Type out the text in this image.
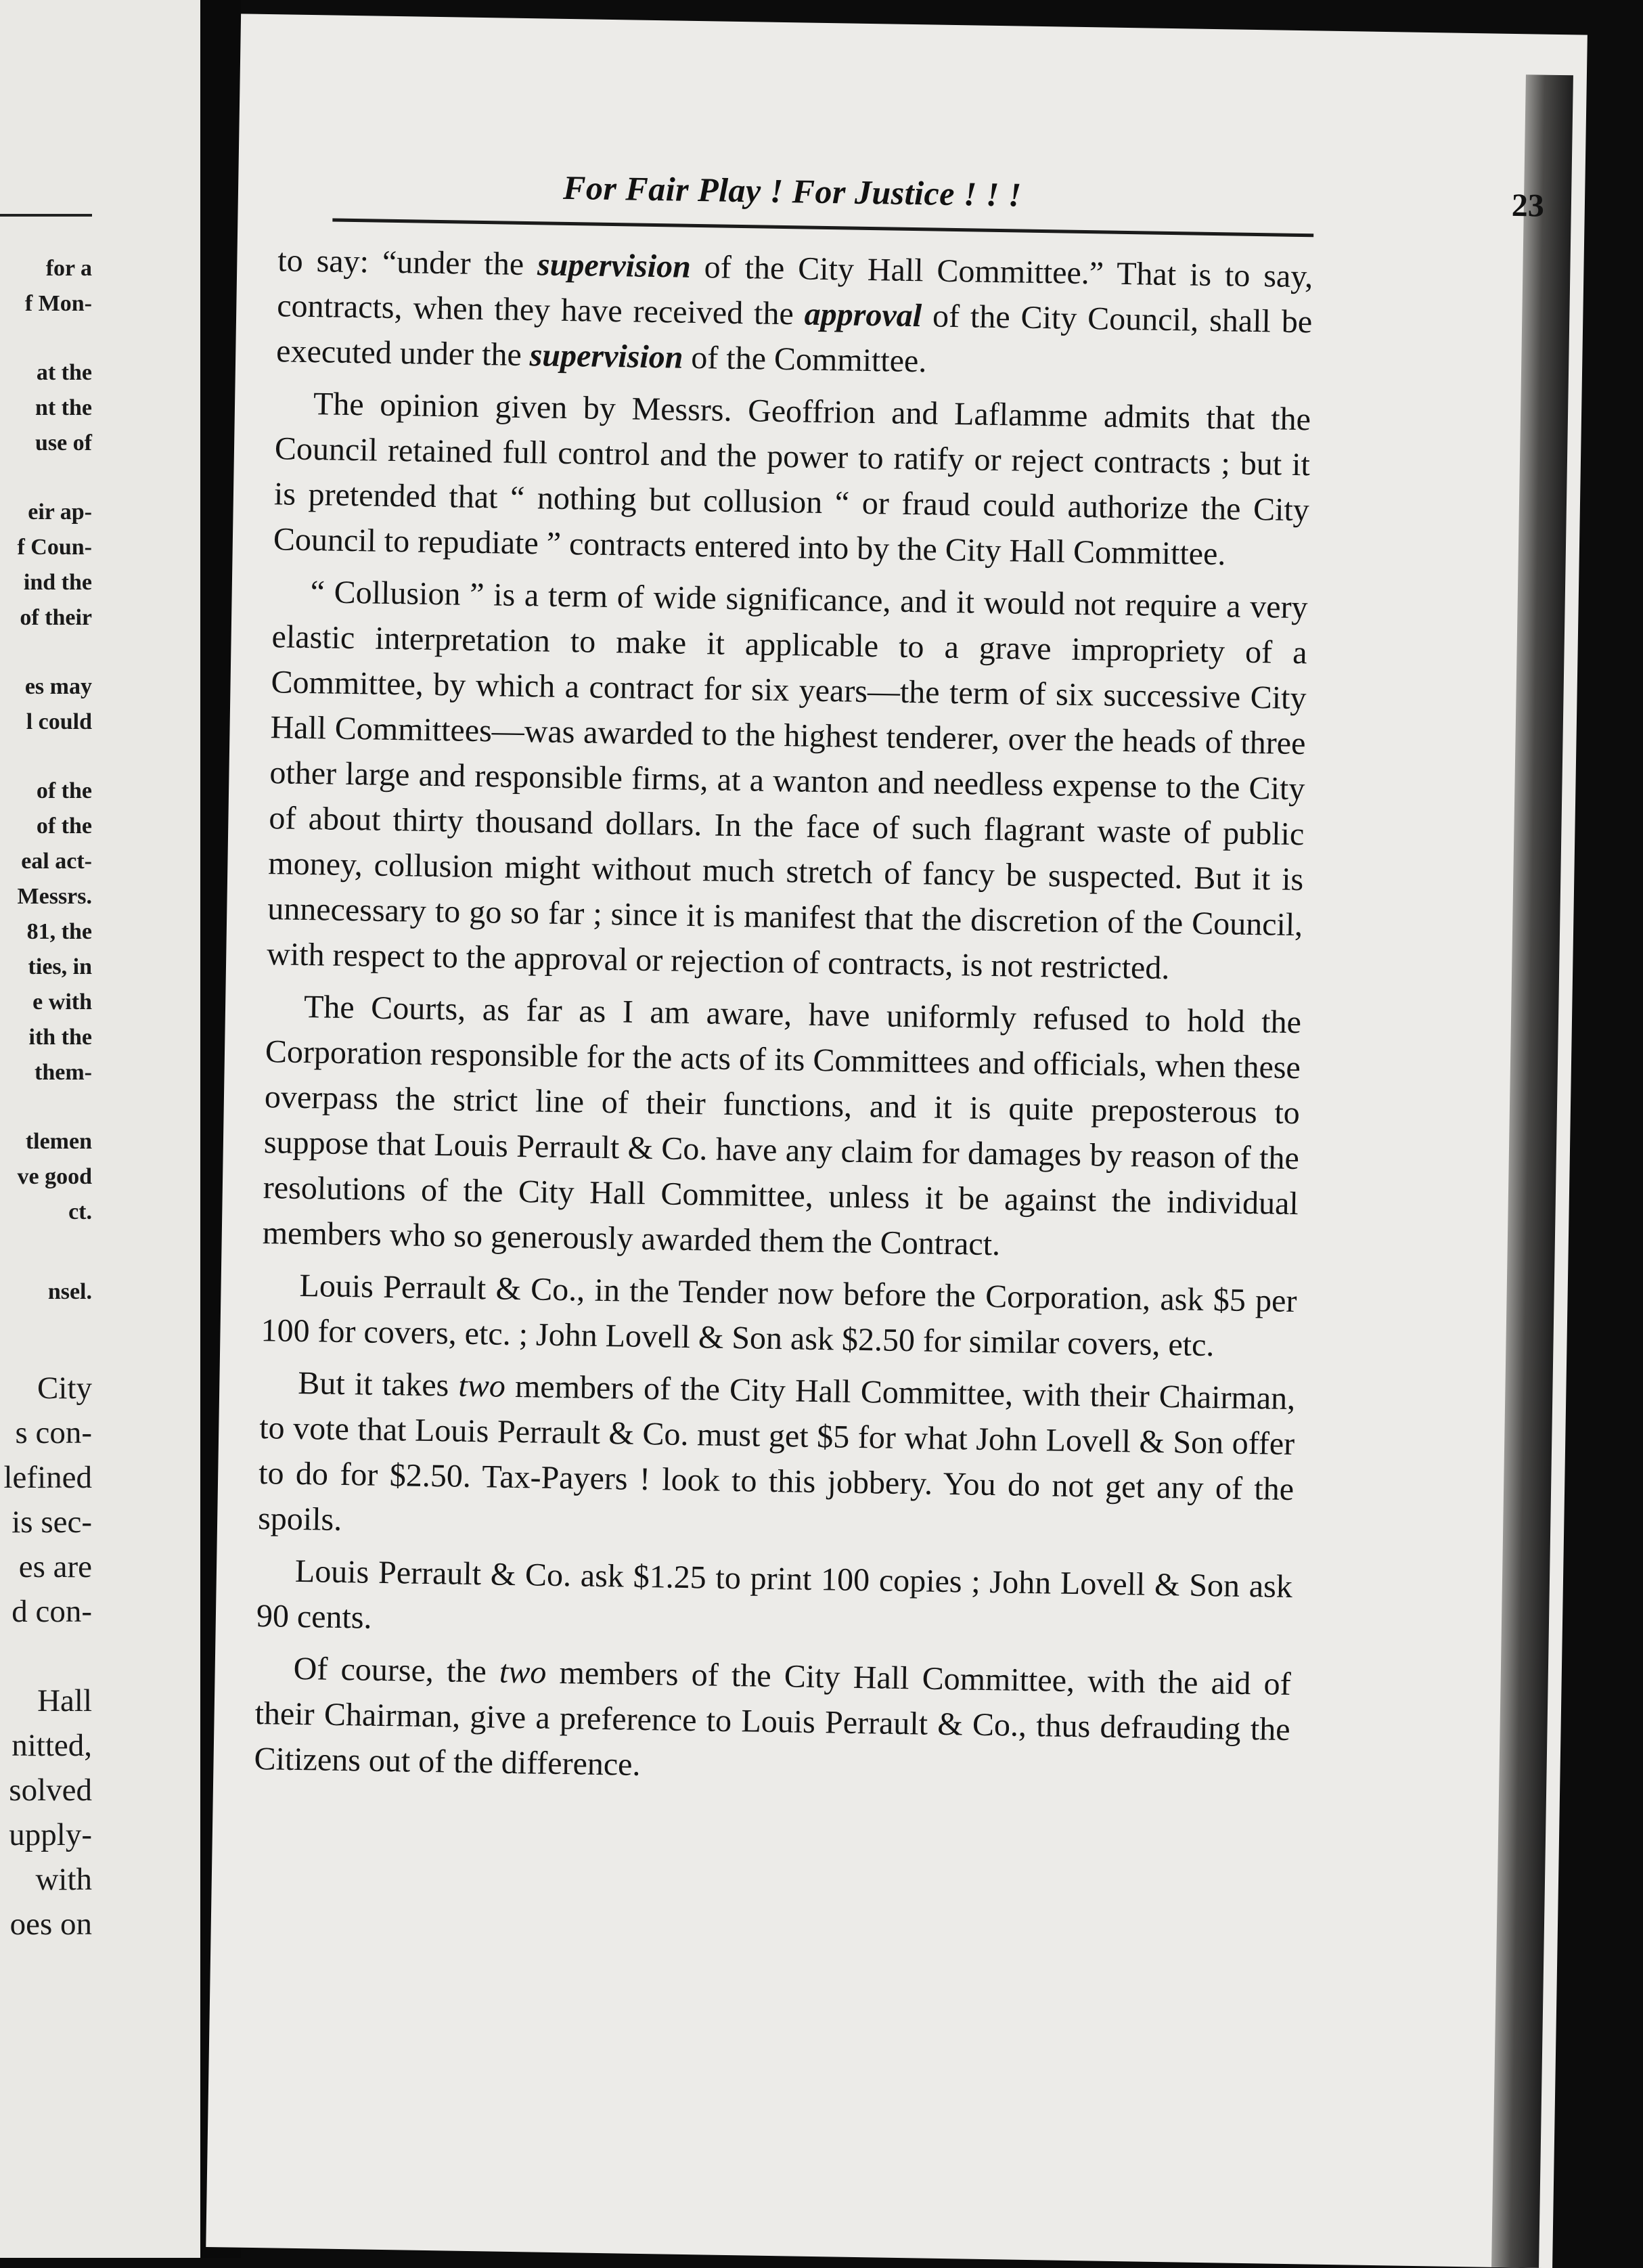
for a
f Mon-
at the
nt the
use of
eir ap-
f Coun-
ind the
of their
es may
l could
of the
of the
eal act-
Messrs.
81, the
ties, in
e with
ith the
them-
tlemen
ve good
ct.
nsel.
City
s con-
lefined
is sec-
es are
d con-
Hall
nitted,
solved
upply-
with
oes on
For Fair Play ! For Justice ! ! !	23

to say: “under the supervision of the City Hall Committee.” That is to say, contracts, when they have received the approval of the City Council, shall be executed under the supervision of the Committee.

The opinion given by Messrs. Geoffrion and Laflamme admits that the Council retained full control and the power to ratify or reject contracts ; but it is pretended that “ nothing but collusion “ or fraud could authorize the City Council to repudiate ” contracts entered into by the City Hall Committee.

“ Collusion ” is a term of wide significance, and it would not require a very elastic interpretation to make it applicable to a grave impropriety of a Committee, by which a contract for six years—the term of six successive City Hall Committees—was awarded to the highest tenderer, over the heads of three other large and responsible firms, at a wanton and needless expense to the City of about thirty thousand dollars. In the face of such flagrant waste of public money, collusion might without much stretch of fancy be suspected. But it is unnecessary to go so far ; since it is manifest that the discretion of the Council, with respect to the approval or rejection of contracts, is not restricted.

The Courts, as far as I am aware, have uniformly refused to hold the Corporation responsible for the acts of its Committees and officials, when these overpass the strict line of their functions, and it is quite preposterous to suppose that Louis Perrault & Co. have any claim for damages by reason of the resolutions of the City Hall Committee, unless it be against the individual members who so generously awarded them the Contract.

Louis Perrault & Co., in the Tender now before the Corporation, ask $5 per 100 for covers, etc. ; John Lovell & Son ask $2.50 for similar covers, etc.

But it takes two members of the City Hall Committee, with their Chairman, to vote that Louis Perrault & Co. must get $5 for what John Lovell & Son offer to do for $2.50. Tax-Payers ! look to this jobbery. You do not get any of the spoils.

Louis Perrault & Co. ask $1.25 to print 100 copies ; John Lovell & Son ask 90 cents.

Of course, the two members of the City Hall Committee, with the aid of their Chairman, give a preference to Louis Perrault & Co., thus defrauding the Citizens out of the difference.
